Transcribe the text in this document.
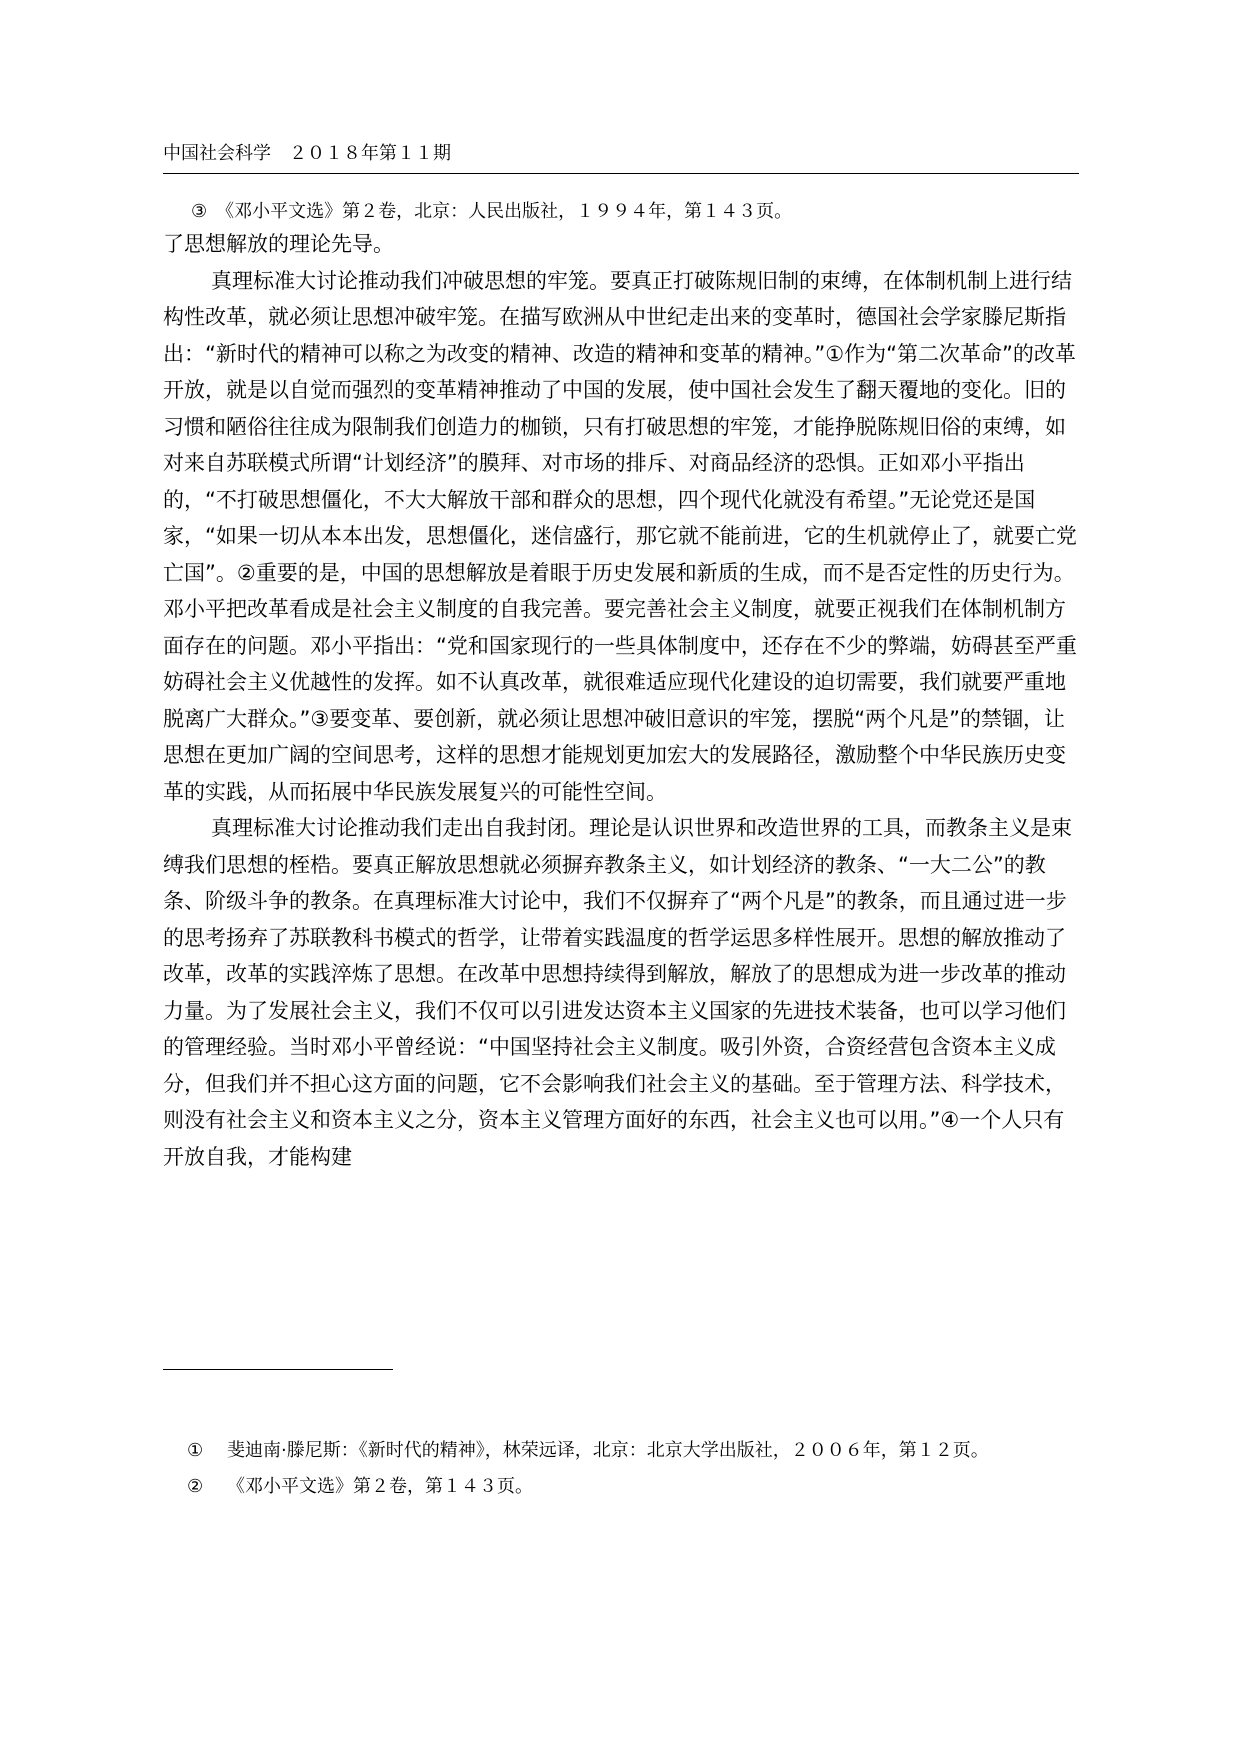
中国社会科学　２０１８年第１１期
③　《邓小平文选》第２卷，北京：人民出版社，１９９４年，第１４３页。

了思想解放的理论先导。

真理标准大讨论推动我们冲破思想的牢笼。要真正打破陈规旧制的束缚，在体制机制上进行结构性改革，就必须让思想冲破牢笼。在描写欧洲从中世纪走出来的变革时，德国社会学家滕尼斯指出：“新时代的精神可以称之为改变的精神、改造的精神和变革的精神。”①作为“第二次革命”的改革开放，就是以自觉而强烈的变革精神推动了中国的发展，使中国社会发生了翻天覆地的变化。旧的习惯和陋俗往往成为限制我们创造力的枷锁，只有打破思想的牢笼，才能挣脱陈规旧俗的束缚，如对来自苏联模式所谓“计划经济”的膜拜、对市场的排斥、对商品经济的恐惧。正如邓小平指出的，“不打破思想僵化，不大大解放干部和群众的思想，四个现代化就没有希望。”无论党还是国家，“如果一切从本本出发，思想僵化，迷信盛行，那它就不能前进，它的生机就停止了，就要亡党亡国”。②重要的是，中国的思想解放是着眼于历史发展和新质的生成，而不是否定性的历史行为。邓小平把改革看成是社会主义制度的自我完善。要完善社会主义制度，就要正视我们在体制机制方面存在的问题。邓小平指出：“党和国家现行的一些具体制度中，还存在不少的弊端，妨碍甚至严重妨碍社会主义优越性的发挥。如不认真改革，就很难适应现代化建设的迫切需要，我们就要严重地脱离广大群众。”③要变革、要创新，就必须让思想冲破旧意识的牢笼，摆脱“两个凡是”的禁锢，让思想在更加广阔的空间思考，这样的思想才能规划更加宏大的发展路径，激励整个中华民族历史变革的实践，从而拓展中华民族发展复兴的可能性空间。

真理标准大讨论推动我们走出自我封闭。理论是认识世界和改造世界的工具，而教条主义是束缚我们思想的桎梏。要真正解放思想就必须摒弃教条主义，如计划经济的教条、“一大二公”的教条、阶级斗争的教条。在真理标准大讨论中，我们不仅摒弃了“两个凡是”的教条，而且通过进一步的思考扬弃了苏联教科书模式的哲学，让带着实践温度的哲学运思多样性展开。思想的解放推动了改革，改革的实践淬炼了思想。在改革中思想持续得到解放，解放了的思想成为进一步改革的推动力量。为了发展社会主义，我们不仅可以引进发达资本主义国家的先进技术装备，也可以学习他们的管理经验。当时邓小平曾经说：“中国坚持社会主义制度。吸引外资，合资经营包含资本主义成分，但我们并不担心这方面的问题，它不会影响我们社会主义的基础。至于管理方法、科学技术，则没有社会主义和资本主义之分，资本主义管理方面好的东西，社会主义也可以用。”④一个人只有开放自我，才能构建

①	斐迪南·滕尼斯：《新时代的精神》，林荣远译，北京：北京大学出版社，２００６年，第１２页。
②	《邓小平文选》第２卷，第１４３页。
